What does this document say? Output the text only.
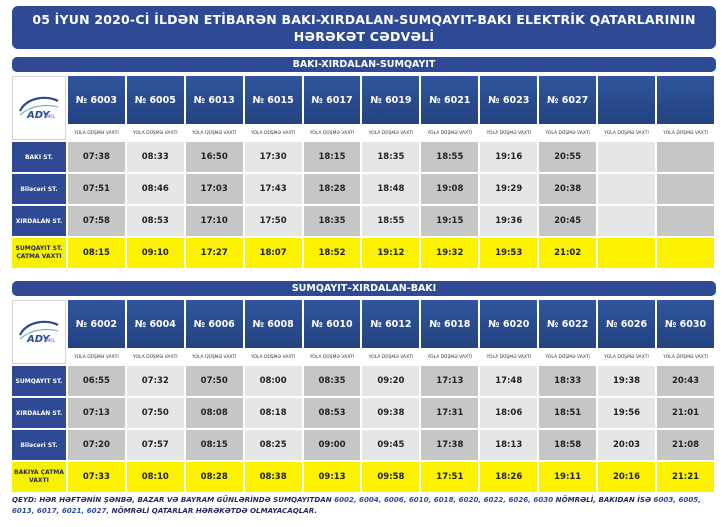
05 İYUN 2020-Cİ İLDƏN ETİBARƏN BAKI-XIRDALAN-SUMQAYIT-BAKI ELEKTRİK QATARLARININ
HƏRƏKƏT CƏDVƏLİ
BAKI-XIRDALAN-SUMQAYIT
ADY
MCL	№ 6003	№ 6005	№ 6013	№ 6015	№ 6017	№ 6019	№ 6021	№ 6023	№ 6027		
	YOLA DÜŞMƏ VAXTI	YOLA DÜŞMƏ VAXTI	YOLA DÜŞMƏ VAXTI	YOLA DÜŞMƏ VAXTI	YOLA DÜŞMƏ VAXTI	YOLA DÜŞMƏ VAXTI	YOLA DÜŞMƏ VAXTI	YOLA DÜŞMƏ VAXTI	YOLA DÜŞMƏ VAXTI	YOLA DÜŞMƏ VAXTI	YOLA DÜŞMƏ VAXTI
BAKI ST.	07:38	08:33	16:50	17:30	18:15	18:35	18:55	19:16	20:55		
Biləcəri ST.	07:51	08:46	17:03	17:43	18:28	18:48	19:08	19:29	20:38		
XIRDALAN ST.	07:58	08:53	17:10	17:50	18:35	18:55	19:15	19:36	20:45		
SUMQAYIT ST. ÇATMA VAXTI	08:15	09:10	17:27	18:07	18:52	19:12	19:32	19:53	21:02		
SUMQAYIT–XIRDALAN-BAKI
ADY
MCL	№ 6002	№ 6004	№ 6006	№ 6008	№ 6010	№ 6012	№ 6018	№ 6020	№ 6022	№ 6026	№ 6030
	YOLA DÜŞMƏ VAXTI	YOLA DÜŞMƏ VAXTI	YOLA DÜŞMƏ VAXTI	YOLA DÜŞMƏ VAXTI	YOLA DÜŞMƏ VAXTI	YOLA DÜŞMƏ VAXTI	YOLA DÜŞMƏ VAXTI	YOLA DÜŞMƏ VAXTI	YOLA DÜŞMƏ VAXTI	YOLA DÜŞMƏ VAXTI	YOLA DÜŞMƏ VAXTI
SUMQAYIT ST.	06:55	07:32	07:50	08:00	08:35	09:20	17:13	17:48	18:33	19:38	20:43
XIRDALAN ST.	07:13	07:50	08:08	08:18	08:53	09:38	17:31	18:06	18:51	19:56	21:01
Biləcəri ST.	07:20	07:57	08:15	08:25	09:00	09:45	17:38	18:13	18:58	20:03	21:08
BAKIYA ÇATMA VAXTI	07:33	08:10	08:28	08:38	09:13	09:58	17:51	18:26	19:11	20:16	21:21
QEYD: HƏR HƏFTƏNİN ŞƏNBƏ, BAZAR VƏ BAYRAM GÜNLƏRİNDƏ SUMQAYITDAN 6002, 6004, 6006, 6010, 6018, 6020, 6022, 6026, 6030 NÖMRƏLİ, BAKIDAN İSƏ 6003, 6005, 6013, 6017, 6021, 6027, NÖMRƏLİ QATARLAR HƏRƏKƏTDƏ OLMAYACAQLAR.
